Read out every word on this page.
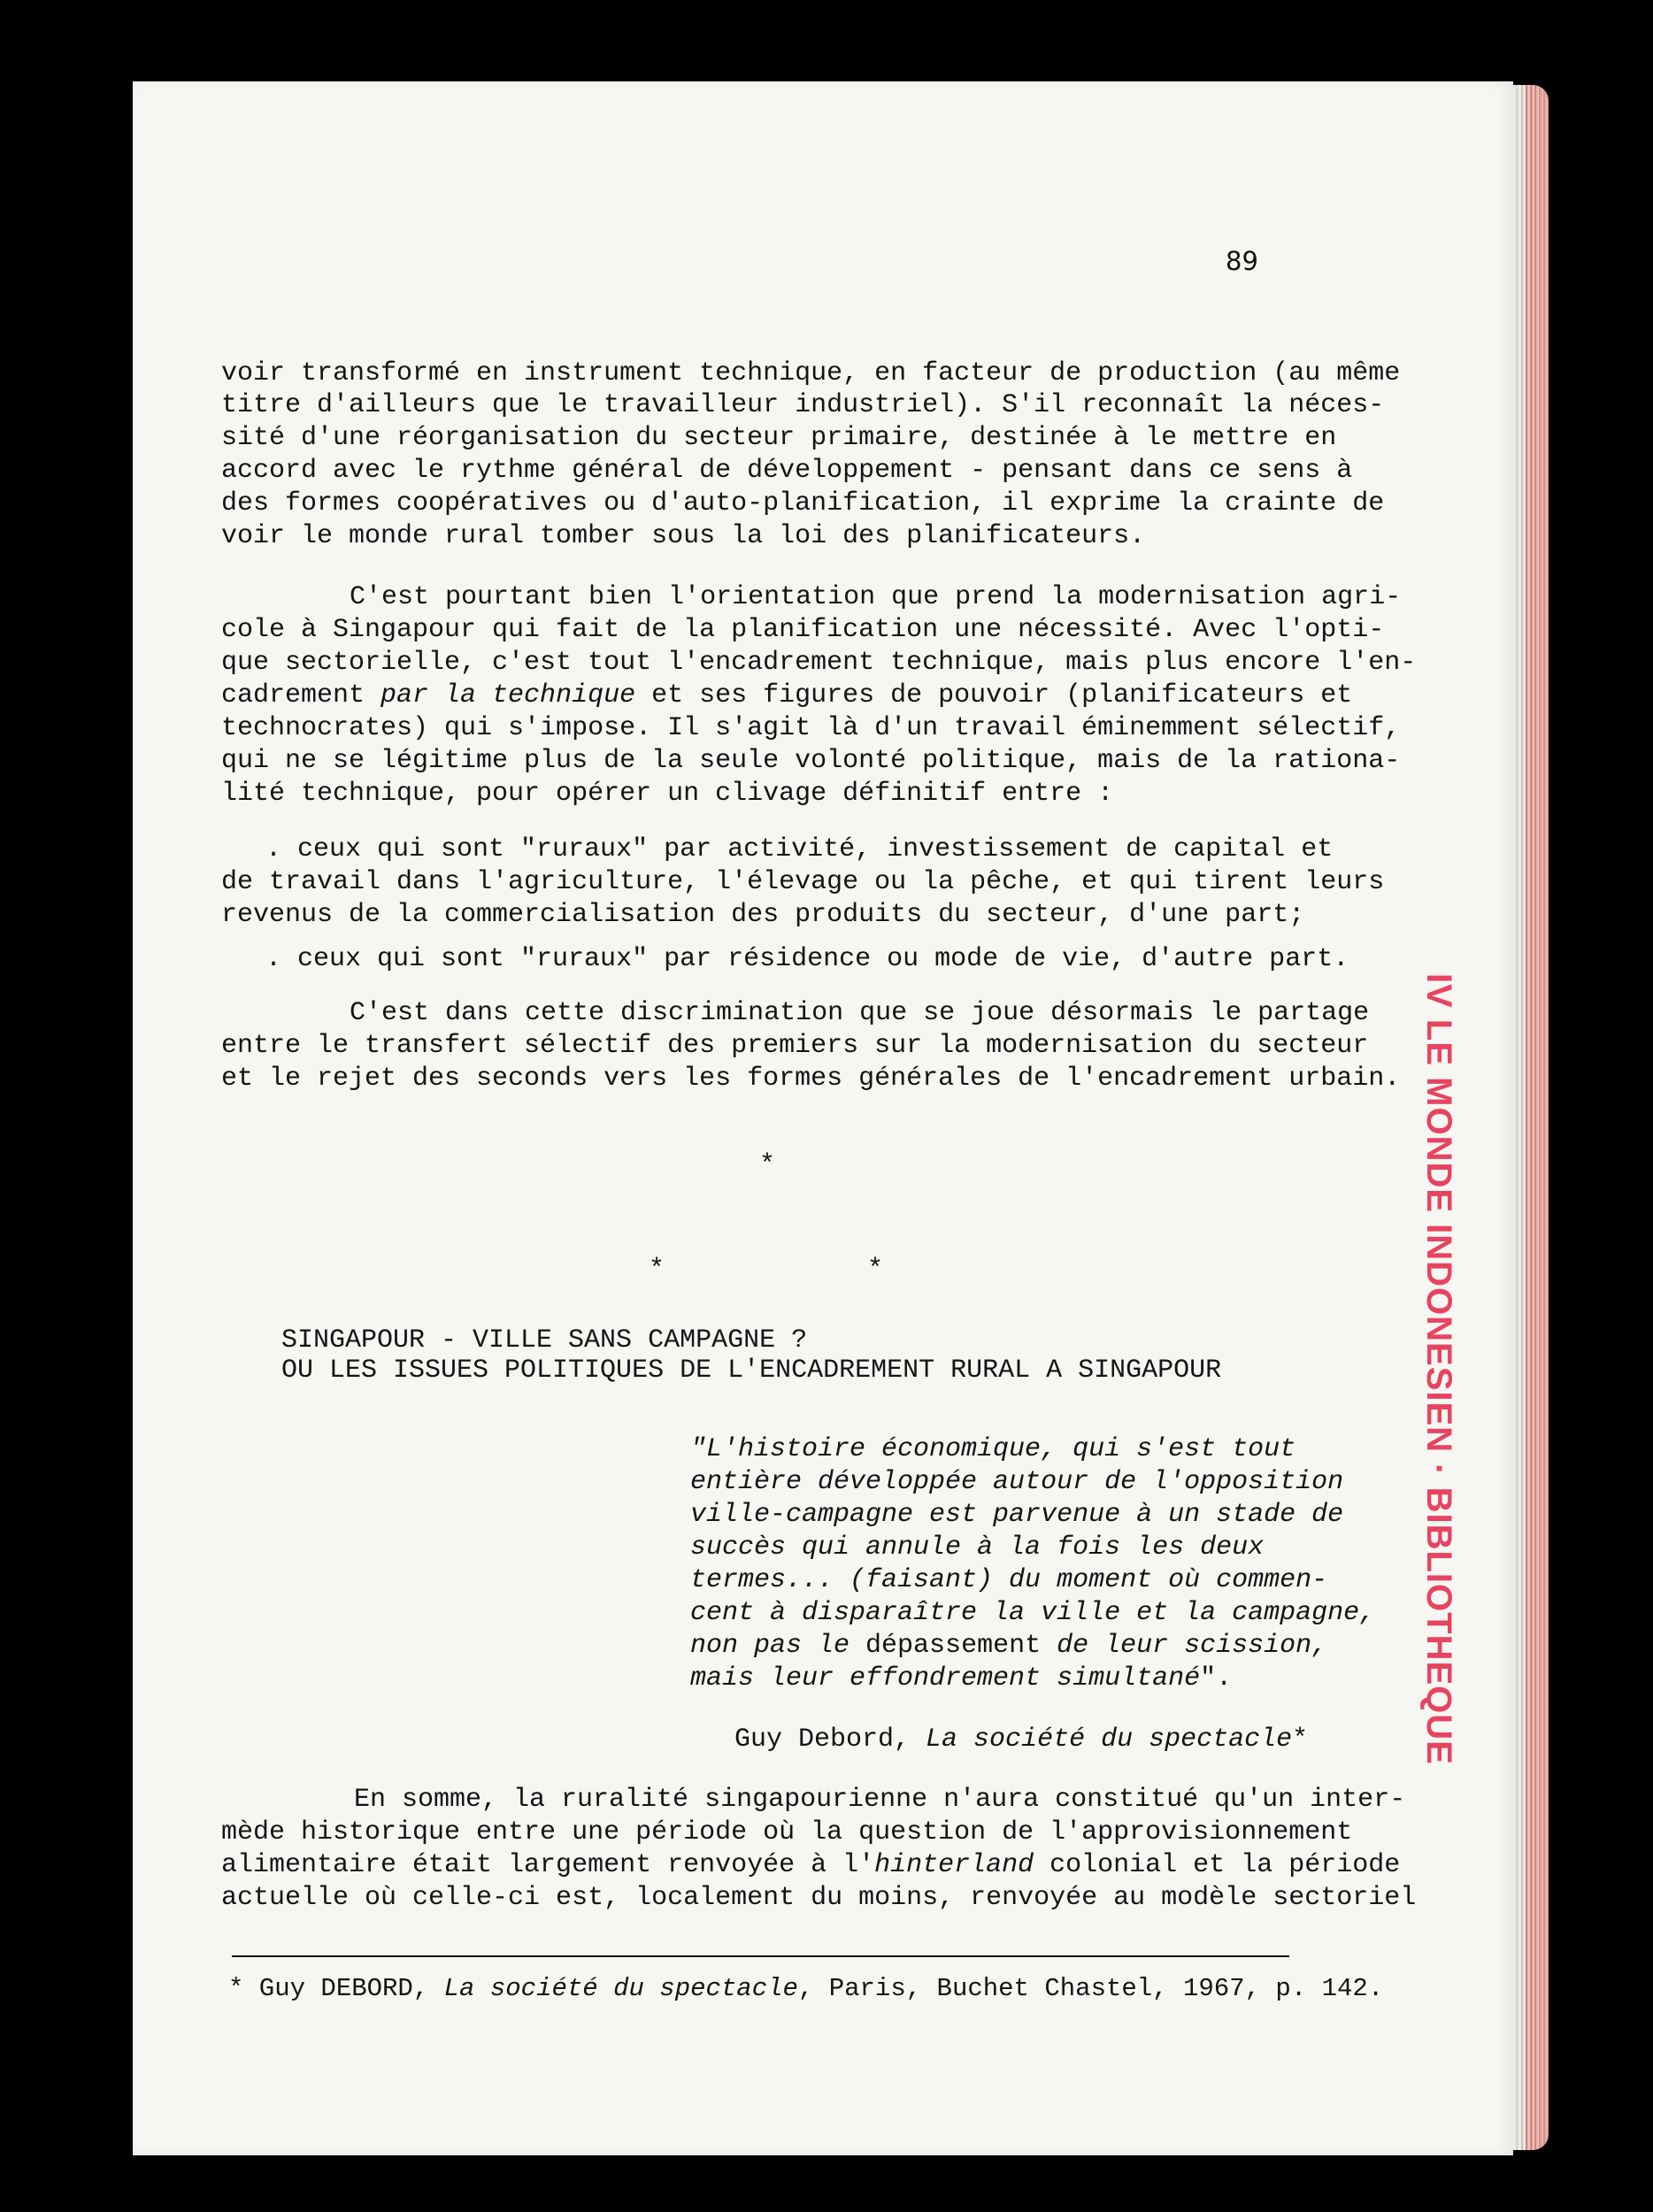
IV LE MONDE INDONESIEN · BIBLIOTHEQUE
89
voir transformé en instrument technique, en facteur de production (au même
titre d'ailleurs que le travailleur industriel). S'il reconnaît la néces-
sité d'une réorganisation du secteur primaire, destinée à le mettre en
accord avec le rythme général de développement - pensant dans ce sens à
des formes coopératives ou d'auto-planification, il exprime la crainte de
voir le monde rural tomber sous la loi des planificateurs.
C'est pourtant bien l'orientation que prend la modernisation agri-
cole à Singapour qui fait de la planification une nécessité. Avec l'opti-
que sectorielle, c'est tout l'encadrement technique, mais plus encore l'en-
cadrement par la technique et ses figures de pouvoir (planificateurs et
technocrates) qui s'impose. Il s'agit là d'un travail éminemment sélectif,
qui ne se légitime plus de la seule volonté politique, mais de la rationa-
lité technique, pour opérer un clivage définitif entre :
. ceux qui sont "ruraux" par activité, investissement de capital et
de travail dans l'agriculture, l'élevage ou la pêche, et qui tirent leurs
revenus de la commercialisation des produits du secteur, d'une part;
. ceux qui sont "ruraux" par résidence ou mode de vie, d'autre part.
C'est dans cette discrimination que se joue désormais le partage
entre le transfert sélectif des premiers sur la modernisation du secteur
et le rejet des seconds vers les formes générales de l'encadrement urbain.
*
*	*
SINGAPOUR - VILLE SANS CAMPAGNE ?
OU LES ISSUES POLITIQUES DE L'ENCADREMENT RURAL A SINGAPOUR
"L'histoire économique, qui s'est tout
entière développée autour de l'opposition
ville-campagne est parvenue à un stade de
succès qui annule à la fois les deux
termes... (faisant) du moment où commen-
cent à disparaître la ville et la campagne,
non pas le dépassement de leur scission,
mais leur effondrement simultané ".
Guy Debord, La société du spectacle *
En somme, la ruralité singapourienne n'aura constitué qu'un inter-
mède historique entre une période où la question de l'approvisionnement
alimentaire était largement renvoyée à l' hinterland colonial et la période
actuelle où celle-ci est, localement du moins, renvoyée au modèle sectoriel
* Guy DEBORD, La société du spectacle , Paris, Buchet Chastel, 1967, p. 142.
